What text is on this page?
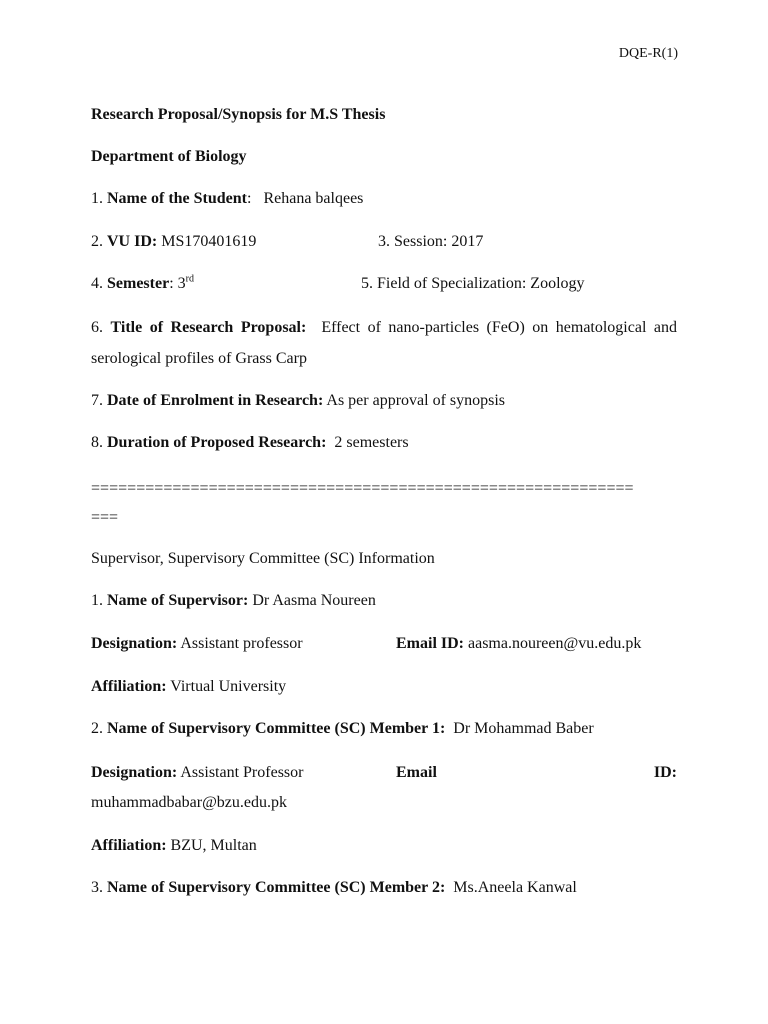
DQE-R(1)
Research Proposal/Synopsis for M.S Thesis
Department of Biology
1. Name of the Student: Rehana balqees
2. VU ID: MS170401619	3. Session: 2017
4. Semester: 3rd	5. Field of Specialization: Zoology
6. Title of Research Proposal: Effect of nano-particles (FeO) on hematological and serological profiles of Grass Carp
7. Date of Enrolment in Research: As per approval of synopsis
8. Duration of Proposed Research: 2 semesters
============================================================
===
Supervisor, Supervisory Committee (SC) Information
1. Name of Supervisor: Dr Aasma Noureen
Designation: Assistant professor	Email ID: aasma.noureen@vu.edu.pk
Affiliation: Virtual University
2. Name of Supervisory Committee (SC) Member 1: Dr Mohammad Baber
Designation: Assistant Professor	Email	ID:
muhammadbabar@bzu.edu.pk
Affiliation: BZU, Multan
3. Name of Supervisory Committee (SC) Member 2: Ms.Aneela Kanwal
